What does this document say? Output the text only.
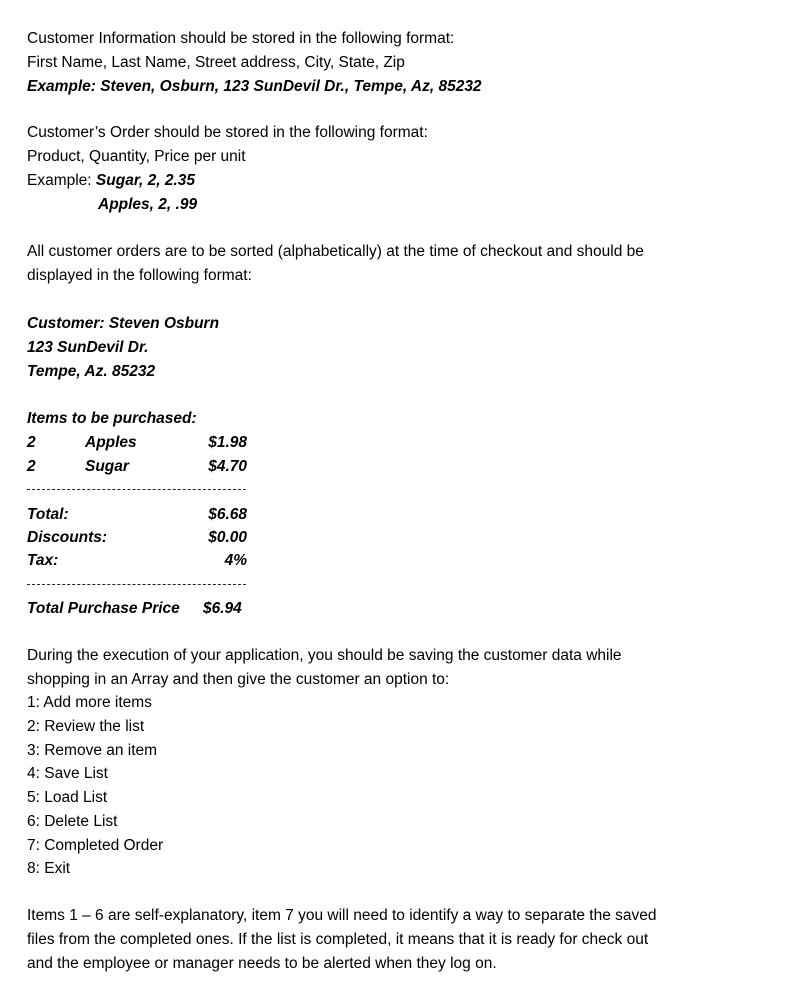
Customer Information should be stored in the following format:
First Name, Last Name, Street address, City, State, Zip
Example: Steven, Osburn, 123 SunDevil Dr., Tempe, Az, 85232
Customer’s Order should be stored in the following format:
Product, Quantity, Price per unit
Example: Sugar, 2, 2.35
Apples, 2, .99
All customer orders are to be sorted (alphabetically) at the time of checkout and should be
displayed in the following format:
Customer: Steven Osburn
123 SunDevil Dr.
Tempe, Az. 85232
Items to be purchased:
2	Apples	$1.98
2	Sugar	$4.70
Total:	$6.68
Discounts:	$0.00
Tax:	4%
Total Purchase Price $6.94
During the execution of your application, you should be saving the customer data while
shopping in an Array and then give the customer an option to:
1: Add more items
2: Review the list
3: Remove an item
4: Save List
5: Load List
6: Delete List
7: Completed Order
8: Exit
Items 1 – 6 are self-explanatory, item 7 you will need to identify a way to separate the saved
files from the completed ones. If the list is completed, it means that it is ready for check out
and the employee or manager needs to be alerted when they log on.
